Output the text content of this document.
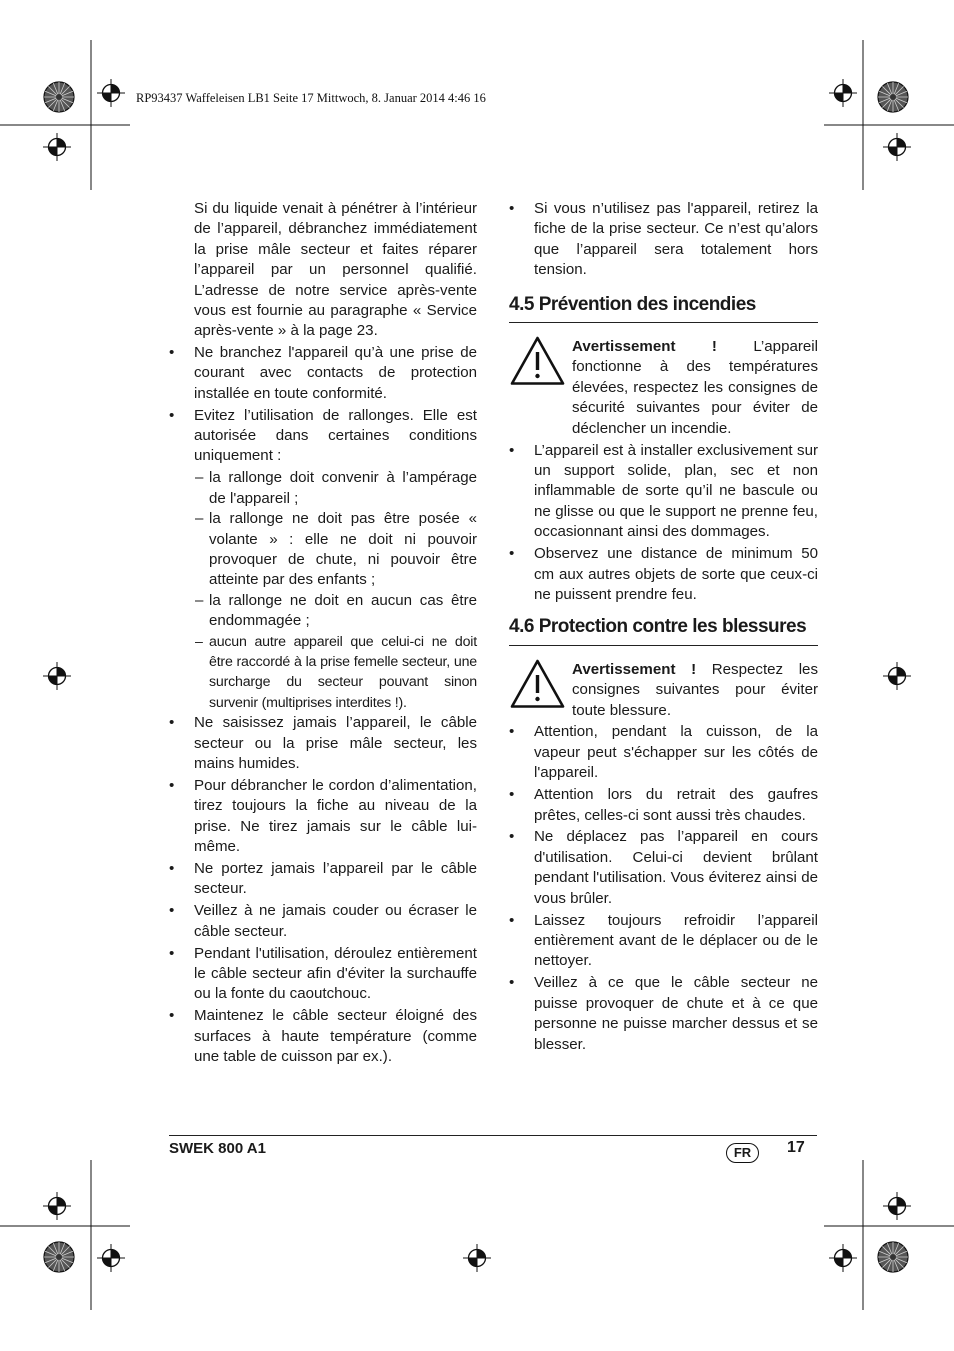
RP93437 Waffeleisen LB1 Seite 17 Mittwoch, 8. Januar 2014 4:46 16

Si du liquide venait à pénétrer à l’intérieur de l’appareil, débranchez immédiatement la prise mâle secteur et faites réparer l’appareil par un personnel qualifié. L’adresse de notre service après-vente vous est fournie au paragraphe « Service après-vente » à la page 23.

• Ne branchez l'appareil qu’à une prise de courant avec contacts de protection installée en toute conformité.
• Evitez l’utilisation de rallonges. Elle est autorisée dans certaines conditions uniquement :
– la rallonge doit convenir à l’ampérage de l'appareil ;
– la rallonge ne doit pas être posée « volante » : elle ne doit ni pouvoir provoquer de chute, ni pouvoir être atteinte par des enfants ;
– la rallonge ne doit en aucun cas être endommagée ;
– aucun autre appareil que celui-ci ne doit être raccordé à la prise femelle secteur, une surcharge du secteur pouvant sinon survenir (multiprises interdites !).
• Ne saisissez jamais l’appareil, le câble secteur ou la prise mâle secteur, les mains humides.
• Pour débrancher le cordon d’alimentation, tirez toujours la fiche au niveau de la prise. Ne tirez jamais sur le câble lui-même.
• Ne portez jamais l’appareil par le câble secteur.
• Veillez à ne jamais couder ou écraser le câble secteur.
• Pendant l'utilisation, déroulez entièrement le câble secteur afin d'éviter la surchauffe ou la fonte du caoutchouc.
• Maintenez le câble secteur éloigné des surfaces à haute température (comme une table de cuisson par ex.).
• Si vous n’utilisez pas l'appareil, retirez la fiche de la prise secteur. Ce n’est qu’alors que l’appareil sera totalement hors tension.
4.5 Prévention des incendies
Avertissement ! L’appareil fonctionne à des températures élevées, respectez les consignes de sécurité suivantes pour éviter de déclencher un incendie.
• L’appareil est à installer exclusivement sur un support solide, plan, sec et non inflammable de sorte qu’il ne bascule ou ne glisse ou que le support ne prenne feu, occasionnant ainsi des dommages.
• Observez une distance de minimum 50 cm aux autres objets de sorte que ceux-ci ne puissent prendre feu.
4.6 Protection contre les blessures
Avertissement ! Respectez les consignes suivantes pour éviter toute blessure.
• Attention, pendant la cuisson, de la vapeur peut s'échapper sur les côtés de l'appareil.
• Attention lors du retrait des gaufres prêtes, celles-ci sont aussi très chaudes.
• Ne déplacez pas l’appareil en cours d'utilisation. Celui-ci devient brûlant pendant l'utilisation. Vous éviterez ainsi de vous brûler.
• Laissez toujours refroidir l’appareil entièrement avant de le déplacer ou de le nettoyer.
• Veillez à ce que le câble secteur ne puisse provoquer de chute et à ce que personne ne puisse marcher dessus et se blesser.
SWEK 800 A1	FR	17
